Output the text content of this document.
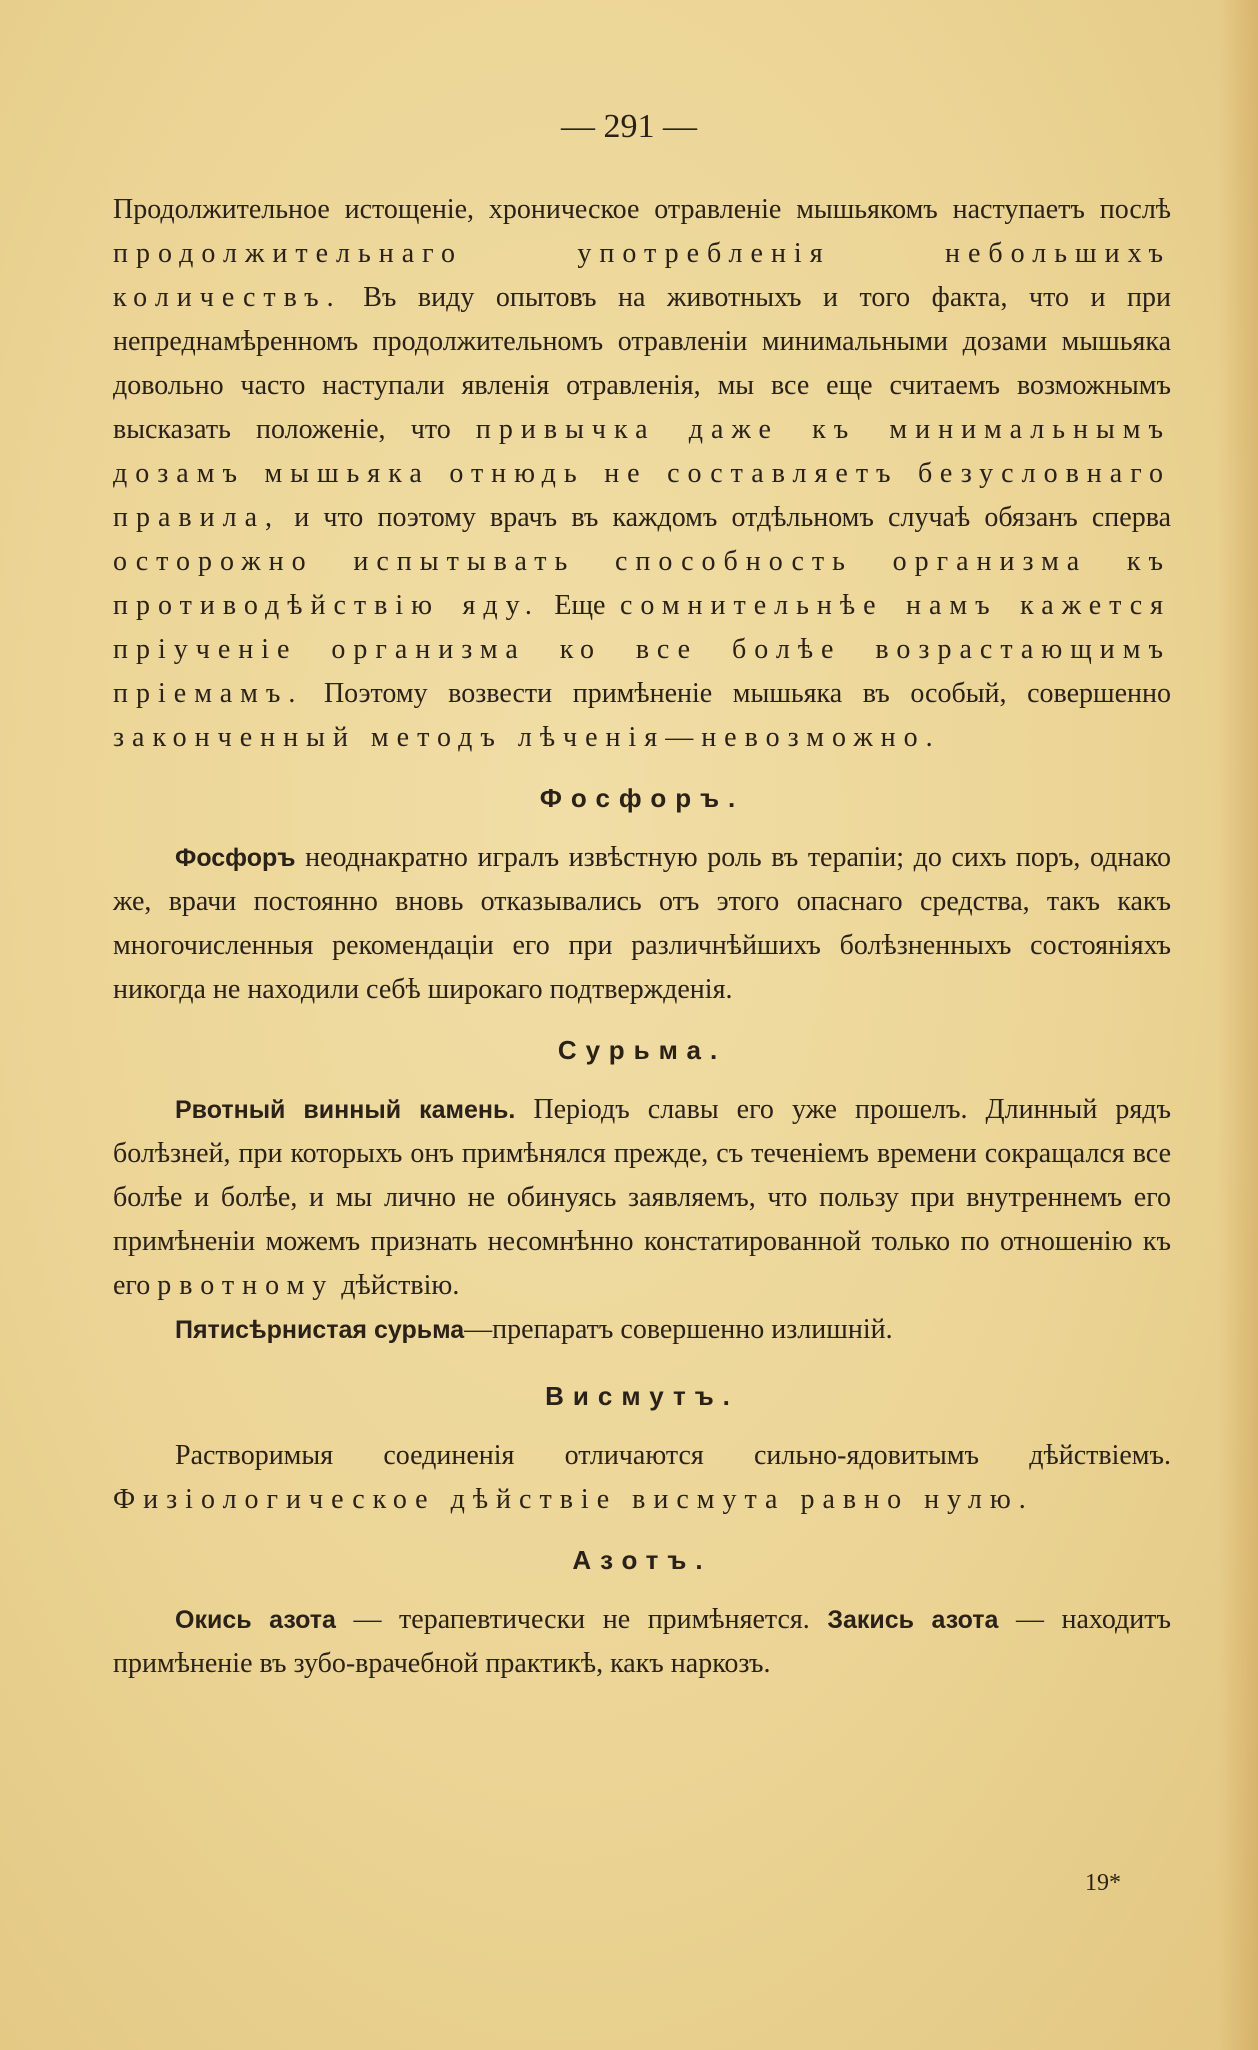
— 291 —

Продолжительное истощеніе, хроническое отравленіе мышьякомъ наступаетъ послѣ продолжительнаго употребленія небольшихъ количествъ. Въ виду опытовъ на животныхъ и того факта, что и при непреднамѣренномъ продолжительномъ отравленіи минимальными дозами мышьяка довольно часто наступали явленія отравленія, мы все еще считаемъ возможнымъ высказать положеніе, что привычка даже къ минимальнымъ дозамъ мышьяка отнюдь не составляетъ безусловнаго правила, и что поэтому врачъ въ каждомъ отдѣльномъ случаѣ обязанъ сперва осторожно испытывать способность организма къ противодѣйствію яду. Еще сомнительнѣе намъ кажется пріученіе организма ко все болѣе возрастающимъ пріемамъ. Поэтому возвести примѣненіе мышьяка въ особый, совершенно законченный методъ лѣченія—невозможно.

Фосфоръ.

Фосфоръ неоднакратно игралъ извѣстную роль въ терапіи; до сихъ поръ, однако же, врачи постоянно вновь отказывались отъ этого опаснаго средства, такъ какъ многочисленныя рекомендаціи его при различнѣйшихъ болѣзненныхъ состояніяхъ никогда не находили себѣ широкаго подтвержденія.

Сурьма.

Рвотный винный камень. Періодъ славы его уже прошелъ. Длинный рядъ болѣзней, при которыхъ онъ примѣнялся прежде, съ теченіемъ времени сокращался все болѣе и болѣе, и мы лично не обинуясь заявляемъ, что пользу при внутреннемъ его примѣненіи можемъ признать несомнѣнно констатированной только по отношенію къ его рвотному дѣйствію.

Пятисѣрнистая сурьма—препаратъ совершенно излишній.

Висмутъ.

Растворимыя соединенія отличаются сильно-ядовитымъ дѣйствіемъ. Физіологическое дѣйствіе висмута равно нулю.

Азотъ.

Окись азота — терапевтически не примѣняется. Закись азота — находитъ примѣненіе въ зубо-врачебной практикѣ, какъ наркозъ.

19*
